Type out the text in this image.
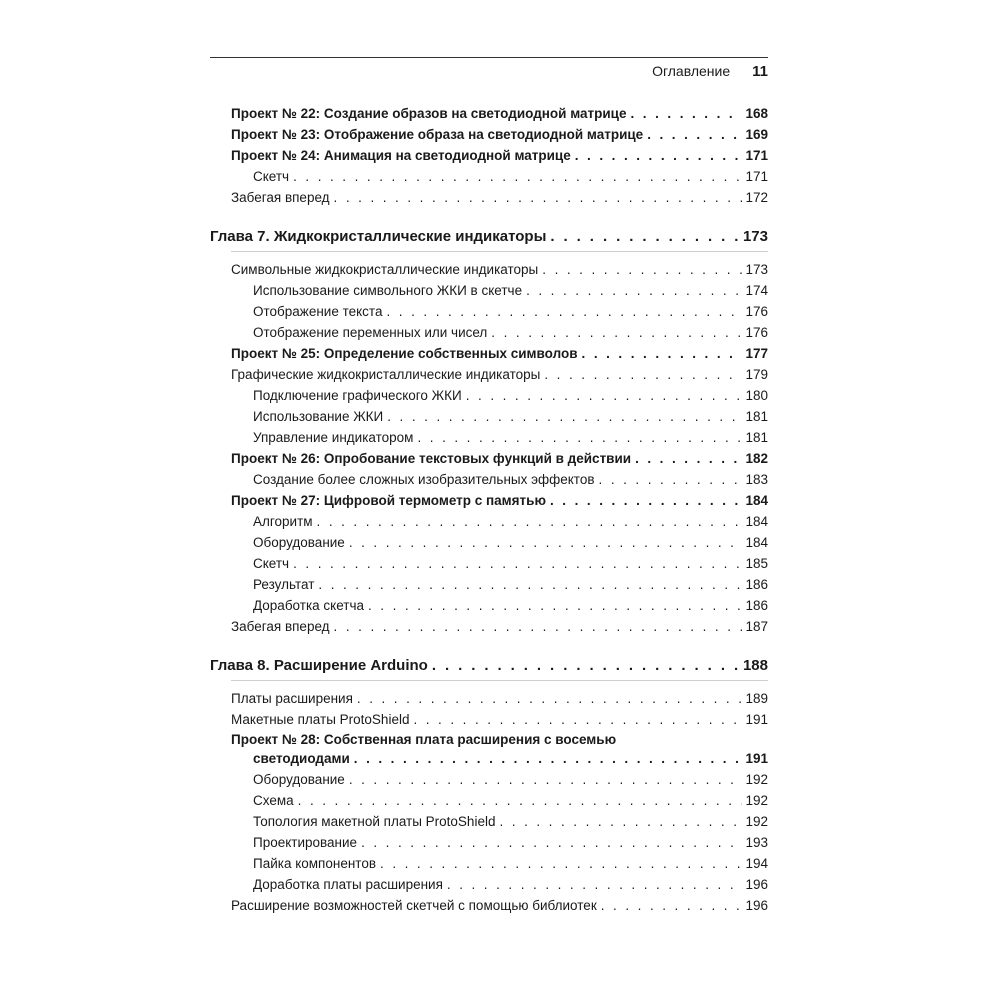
Оглавление 11
Проект № 22: Создание образов на светодиодной матрице . . .	168
Проект № 23: Отображение образа на светодиодной матрице . . .	169
Проект № 24: Анимация на светодиодной матрице . . .	171
Скетч . . .	171
Забегая вперед . . .	172
Глава 7. Жидкокристаллические индикаторы . . .	173
Символьные жидкокристаллические индикаторы . . .	173
Использование символьного ЖКИ в скетче . . .	174
Отображение текста . . .	176
Отображение переменных или чисел . . .	176
Проект № 25: Определение собственных символов . . .	177
Графические жидкокристаллические индикаторы . . .	179
Подключение графического ЖКИ . . .	180
Использование ЖКИ . . .	181
Управление индикатором . . .	181
Проект № 26: Опробование текстовых функций в действии . . .	182
Создание более сложных изобразительных эффектов . . .	183
Проект № 27: Цифровой термометр с памятью . . .	184
Алгоритм . . .	184
Оборудование . . .	184
Скетч . . .	185
Результат . . .	186
Доработка скетча . . .	186
Забегая вперед . . .	187
Глава 8. Расширение Arduino . . .	188
Платы расширения . . .	189
Макетные платы ProtoShield . . .	191
Проект № 28: Собственная плата расширения с восемью
светодиодами . . .	191
Оборудование . . .	192
Схема . . .	192
Топология макетной платы ProtoShield . . .	192
Проектирование . . .	193
Пайка компонентов . . .	194
Доработка платы расширения . . .	196
Расширение возможностей скетчей с помощью библиотек . . .	196
